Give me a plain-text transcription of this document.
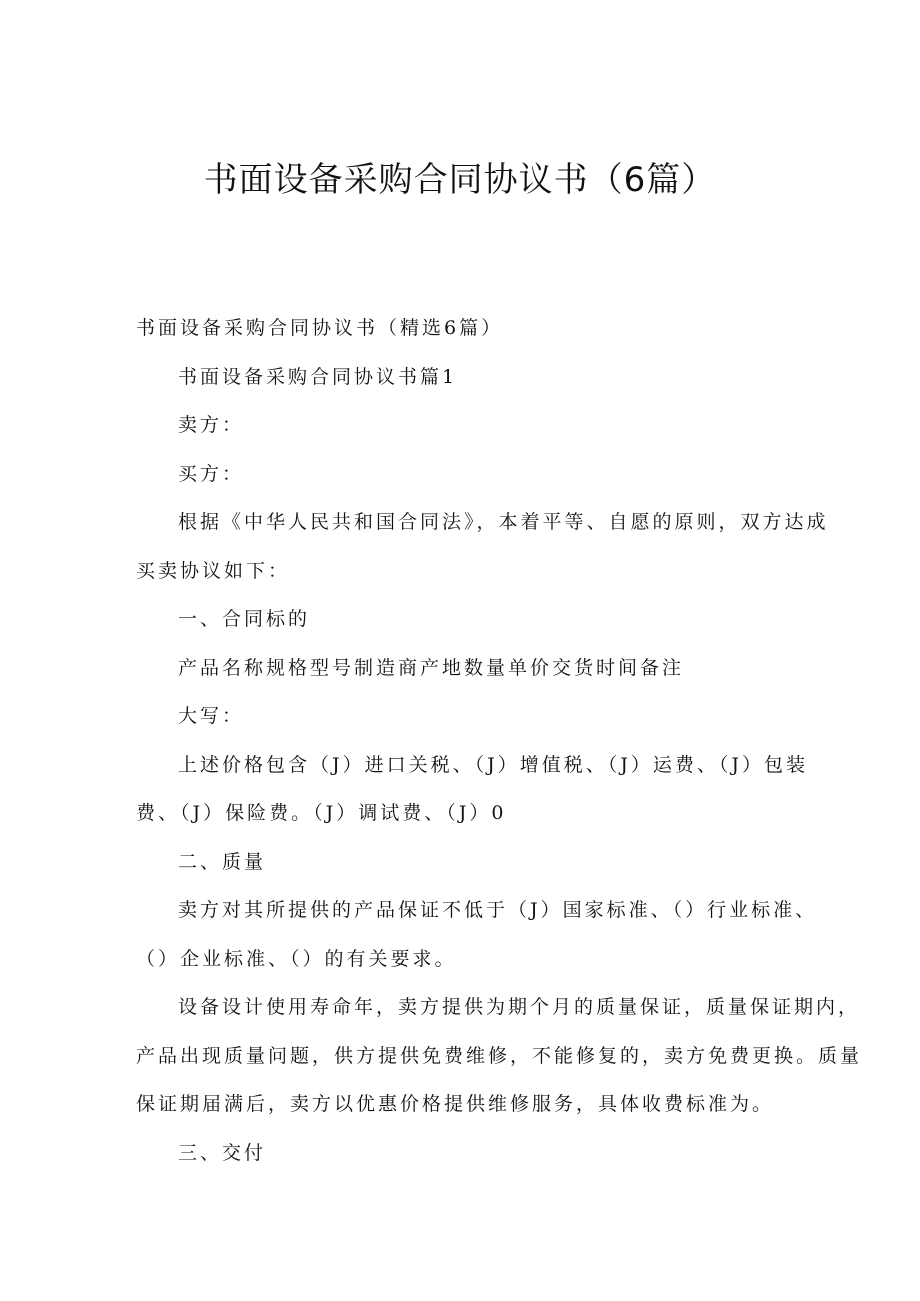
书面设备采购合同协议书（6篇）
书面设备采购合同协议书（精选6篇）
书面设备采购合同协议书篇1
卖方：
买方：
根据《中华人民共和国合同法》，本着平等、自愿的原则，双方达成
买卖协议如下：
一、合同标的
产品名称规格型号制造商产地数量单价交货时间备注
大写：
上述价格包含（J）进口关税、（J）增值税、（J）运费、（J）包装
费、（J）保险费。（J）调试费、（J）0
二、质量
卖方对其所提供的产品保证不低于（J）国家标准、（）行业标准、
（）企业标准、（）的有关要求。
设备设计使用寿命年，卖方提供为期个月的质量保证，质量保证期内，
产品出现质量问题，供方提供免费维修，不能修复的，卖方免费更换。质量
保证期届满后，卖方以优惠价格提供维修服务，具体收费标准为。
三、交付
